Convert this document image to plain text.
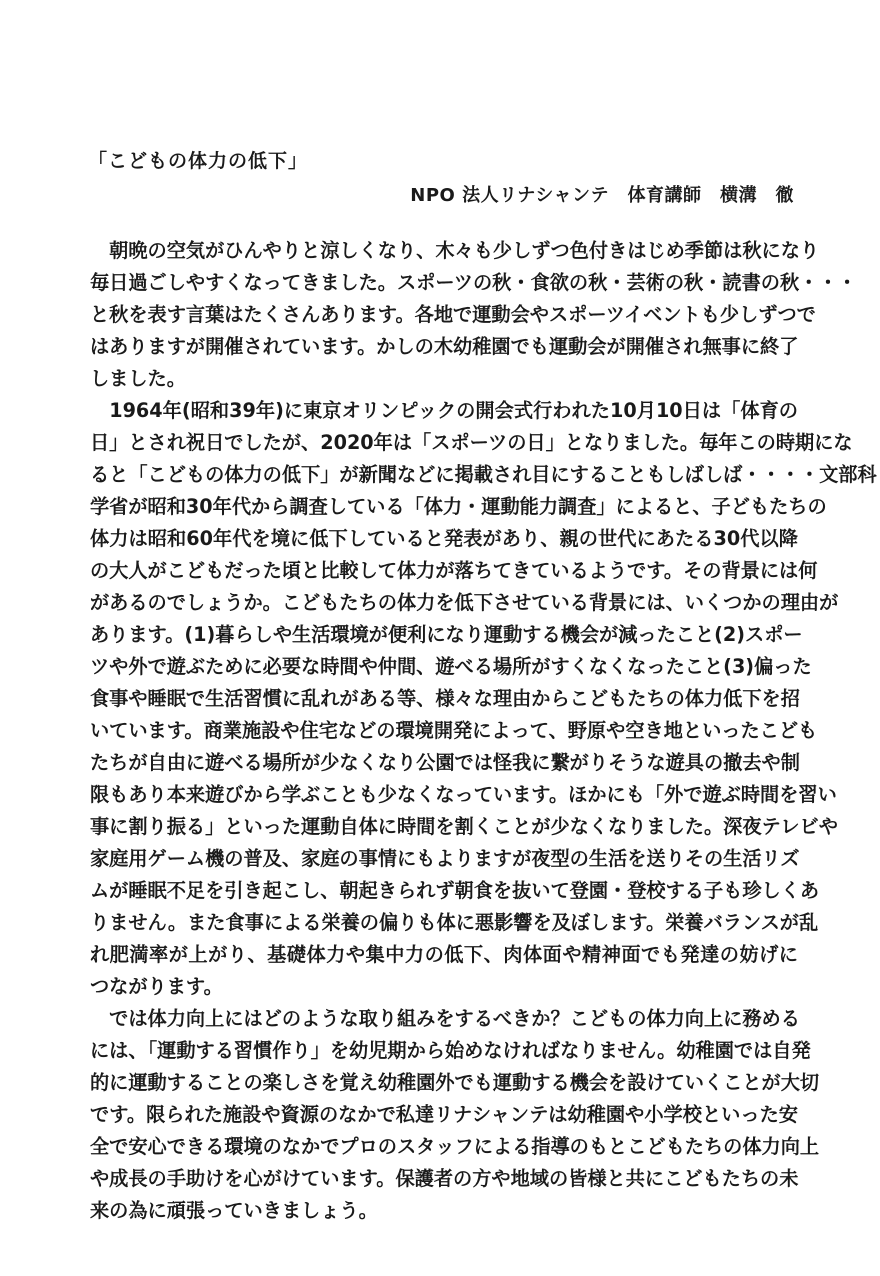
「こどもの体力の低下」
NPO 法人リナシャンテ　体育講師　横溝　徹
　朝晩の空気がひんやりと涼しくなり、木々も少しずつ色付きはじめ季節は秋になり
毎日過ごしやすくなってきました。スポーツの秋・食欲の秋・芸術の秋・読書の秋・・・
と秋を表す言葉はたくさんあります。各地で運動会やスポーツイベントも少しずつで
はありますが開催されています。かしの木幼稚園でも運動会が開催され無事に終了
しました。
　1964年(昭和39年)に東京オリンピックの開会式行われた10月10日は「体育の
日」とされ祝日でしたが、2020年は「スポーツの日」となりました。毎年この時期にな
ると「こどもの体力の低下」が新聞などに掲載され目にすることもしばしば・・・・文部科
学省が昭和30年代から調査している「体力・運動能力調査」によると、子どもたちの
体力は昭和60年代を境に低下していると発表があり、親の世代にあたる30代以降
の大人がこどもだった頃と比較して体力が落ちてきているようです。その背景には何
があるのでしょうか。こどもたちの体力を低下させている背景には、いくつかの理由が
あります。(1)暮らしや生活環境が便利になり運動する機会が減ったこと(2)スポー
ツや外で遊ぶために必要な時間や仲間、遊べる場所がすくなくなったこと(3)偏った
食事や睡眠で生活習慣に乱れがある等、様々な理由からこどもたちの体力低下を招
いています。商業施設や住宅などの環境開発によって、野原や空き地といったこども
たちが自由に遊べる場所が少なくなり公園では怪我に繋がりそうな遊具の撤去や制
限もあり本来遊びから学ぶことも少なくなっています。ほかにも「外で遊ぶ時間を習い
事に割り振る」といった運動自体に時間を割くことが少なくなりました。深夜テレビや
家庭用ゲーム機の普及、家庭の事情にもよりますが夜型の生活を送りその生活リズ
ムが睡眠不足を引き起こし、朝起きられず朝食を抜いて登園・登校する子も珍しくあ
りません。また食事による栄養の偏りも体に悪影響を及ぼします。栄養バランスが乱
れ肥満率が上がり、基礎体力や集中力の低下、肉体面や精神面でも発達の妨げに
つながります。
　では体力向上にはどのような取り組みをするべきか？こどもの体力向上に務める
には、「運動する習慣作り」を幼児期から始めなければなりません。幼稚園では自発
的に運動することの楽しさを覚え幼稚園外でも運動する機会を設けていくことが大切
です。限られた施設や資源のなかで私達リナシャンテは幼稚園や小学校といった安
全で安心できる環境のなかでプロのスタッフによる指導のもとこどもたちの体力向上
や成長の手助けを心がけています。保護者の方や地域の皆様と共にこどもたちの未
来の為に頑張っていきましょう。
